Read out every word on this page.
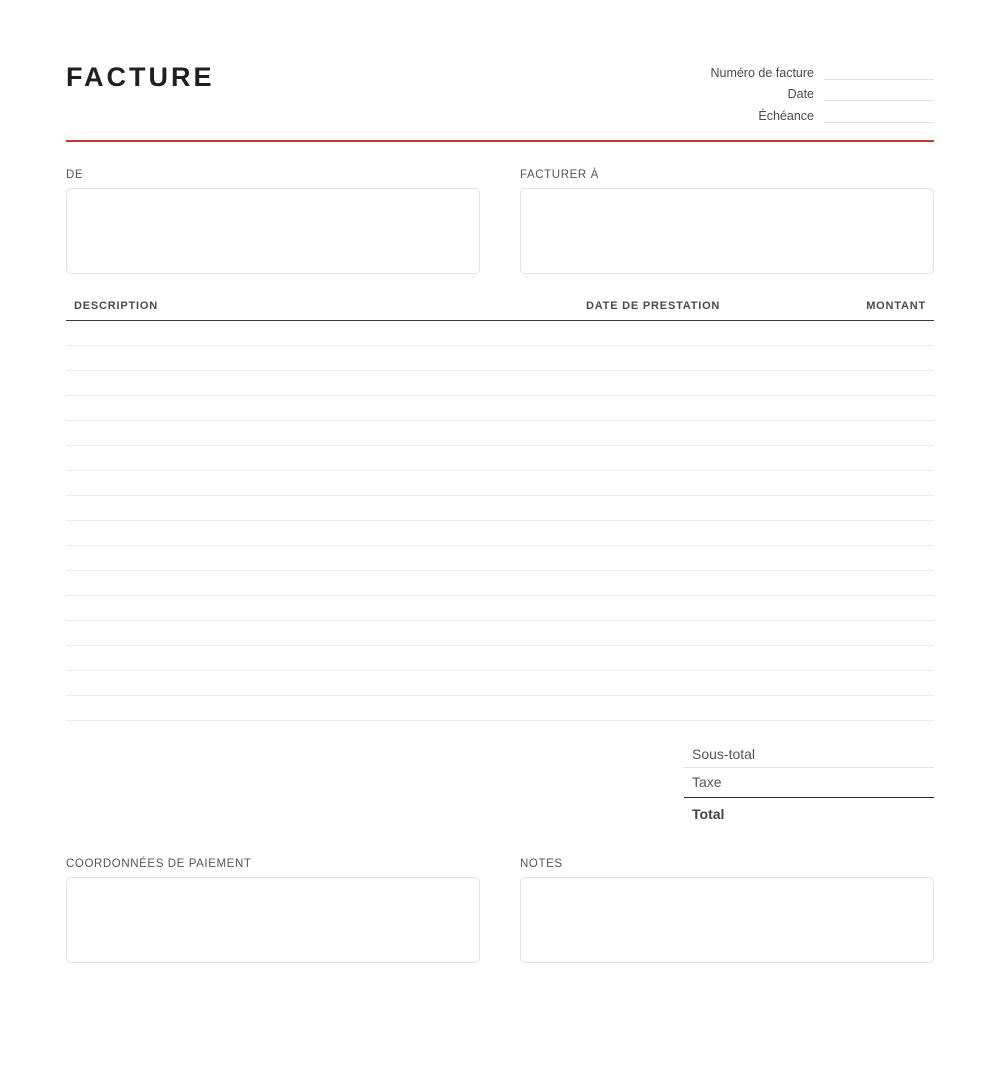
FACTURE	Numéro de facture
Date
Échéance
DE	FACTURER À
DESCRIPTION	DATE DE PRESTATION	MONTANT
Sous-total
Taxe
Total
COORDONNÉES DE PAIEMENT	NOTES
